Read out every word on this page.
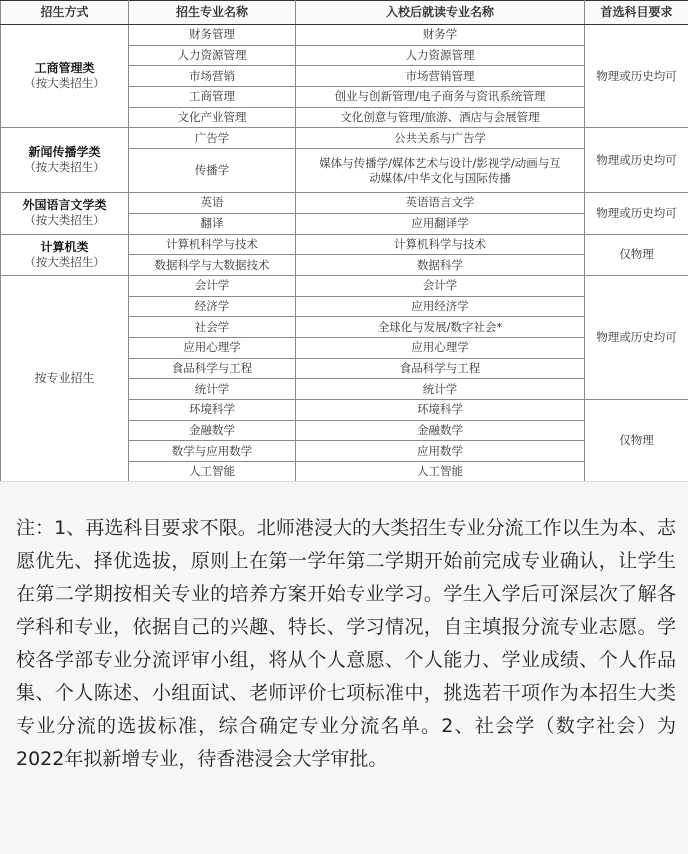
招生方式	招生专业名称	入校后就读专业名称	首选科目要求

工商管理类
（按大类招生）	财务管理	财务学	物理或历史均可
	人力资源管理	人力资源管理	
	市场营销	市场营销管理	
	工商管理	创业与创新管理/电子商务与资讯系统管理	
	文化产业管理	文化创意与管理/旅游、酒店与会展管理	

新闻传播学类
（按大类招生）	广告学	公共关系与广告学	物理或历史均可
	传播学	媒体与传播学/媒体艺术与设计/影视学/动画与互动媒体/中华文化与国际传播	

外国语言文学类
（按大类招生）	英语	英语语言文学	物理或历史均可
	翻译	应用翻译学	

计算机类
（按大类招生）	计算机科学与技术	计算机科学与技术	仅物理
	数据科学与大数据技术	数据科学	
按专业招生	会计学	会计学	物理或历史均可
	经济学	应用经济学	
	社会学	全球化与发展/数字社会*	
	应用心理学	应用心理学	
	食品科学与工程	食品科学与工程	
	统计学	统计学	
	环境科学	环境科学	仅物理
	金融数学	金融数学	
	数学与应用数学	应用数学	
	人工智能	人工智能	

注：1、再选科目要求不限。北师港浸大的大类招生专业分流工作以生为本、志愿优先、择优选拔，原则上在第一学年第二学期开始前完成专业确认，让学生在第二学期按相关专业的培养方案开始专业学习。学生入学后可深层次了解各学科和专业，依据自己的兴趣、特长、学习情况，自主填报分流专业志愿。学校各学部专业分流评审小组，将从个人意愿、个人能力、学业成绩、个人作品集、个人陈述、小组面试、老师评价七项标准中，挑选若干项作为本招生大类专业分流的选拔标准，综合确定专业分流名单。2、社会学（数字社会）为2022年拟新增专业，待香港浸会大学审批。
